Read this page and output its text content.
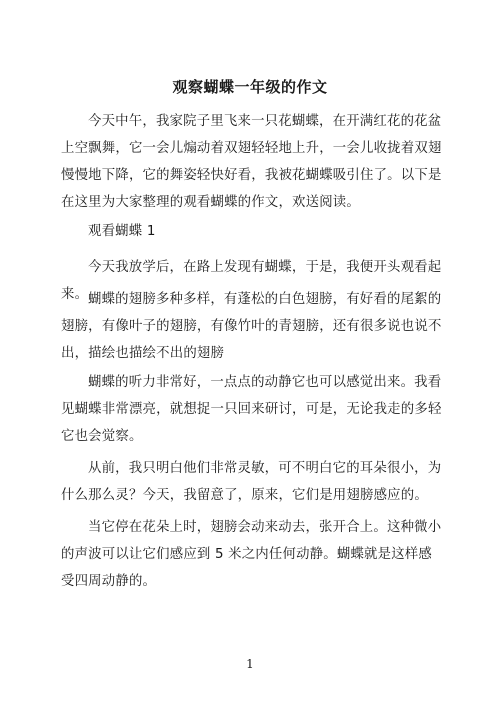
观察蝴蝶一年级的作文
今天中午，我家院子里飞来一只花蝴蝶，在开满红花的花盆上空飘舞，它一会儿煽动着双翅轻轻地上升，一会儿收拢着双翅慢慢地下降，它的舞姿轻快好看，我被花蝴蝶吸引住了。以下是在这里为大家整理的观看蝴蝶的作文，欢送阅读。
观看蝴蝶 1
今天我放学后，在路上发现有蝴蝶，于是，我便开头观看起来。 蝴蝶的翅膀多种多样，有蓬松的白色翅膀，有好看的尾絮的翅膀，有像叶子的翅膀，有像竹叶的青翅膀，还有很多说也说不出，描绘也描绘不出的翅膀
蝴蝶的听力非常好，一点点的动静它也可以感觉出来。我看见蝴蝶非常漂亮，就想捉一只回来研讨，可是，无论我走的多轻它也会觉察。
从前，我只明白他们非常灵敏，可不明白它的耳朵很小，为什么那么灵？今天，我留意了，原来，它们是用翅膀感应的。
当它停在花朵上时，翅膀会动来动去，张开合上。这种微小的声波可以让它们感应到 5 米之内任何动静。蝴蝶就是这样感受四周动静的。
1
